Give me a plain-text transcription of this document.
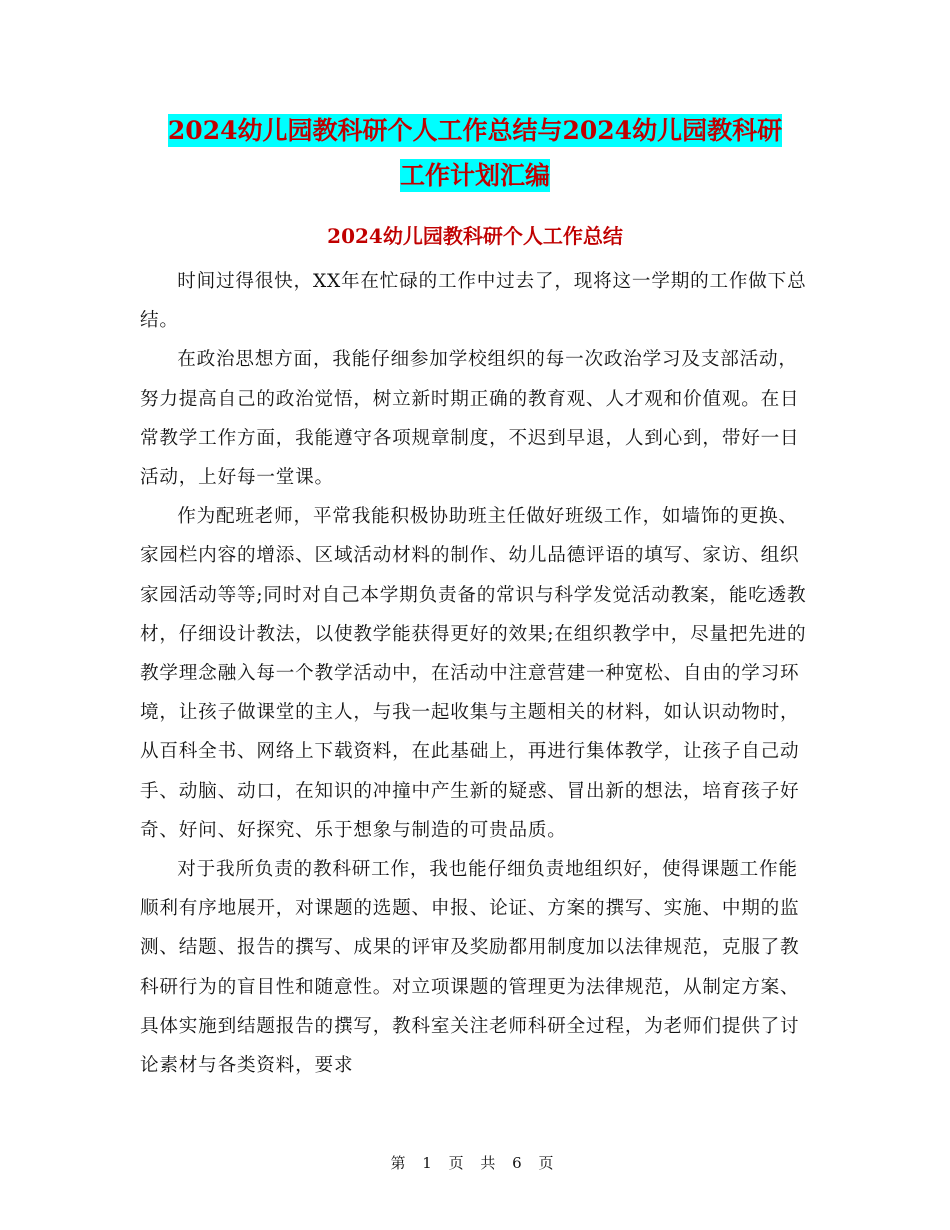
2024幼儿园教科研个人工作总结与2024幼儿园教科研
工作计划汇编
2024幼儿园教科研个人工作总结

时间过得很快，XX年在忙碌的工作中过去了，现将这一学期的工作做下总结。

在政治思想方面，我能仔细参加学校组织的每一次政治学习及支部活动，努力提高自己的政治觉悟，树立新时期正确的教育观、人才观和价值观。在日常教学工作方面，我能遵守各项规章制度，不迟到早退，人到心到，带好一日活动，上好每一堂课。

作为配班老师，平常我能积极协助班主任做好班级工作，如墙饰的更换、家园栏内容的增添、区域活动材料的制作、幼儿品德评语的填写、家访、组织家园活动等等;同时对自己本学期负责备的常识与科学发觉活动教案，能吃透教材，仔细设计教法，以使教学能获得更好的效果;在组织教学中，尽量把先进的教学理念融入每一个教学活动中，在活动中注意营建一种宽松、自由的学习环境，让孩子做课堂的主人，与我一起收集与主题相关的材料，如认识动物时，从百科全书、网络上下载资料，在此基础上，再进行集体教学，让孩子自己动手、动脑、动口，在知识的冲撞中产生新的疑惑、冒出新的想法，培育孩子好奇、好问、好探究、乐于想象与制造的可贵品质。

对于我所负责的教科研工作，我也能仔细负责地组织好，使得课题工作能顺利有序地展开，对课题的选题、申报、论证、方案的撰写、实施、中期的监测、结题、报告的撰写、成果的评审及奖励都用制度加以法律规范，克服了教科研行为的盲目性和随意性。对立项课题的管理更为法律规范，从制定方案、具体实施到结题报告的撰写，教科室关注老师科研全过程，为老师们提供了讨论素材与各类资料，要求

第 1 页 共 6 页
